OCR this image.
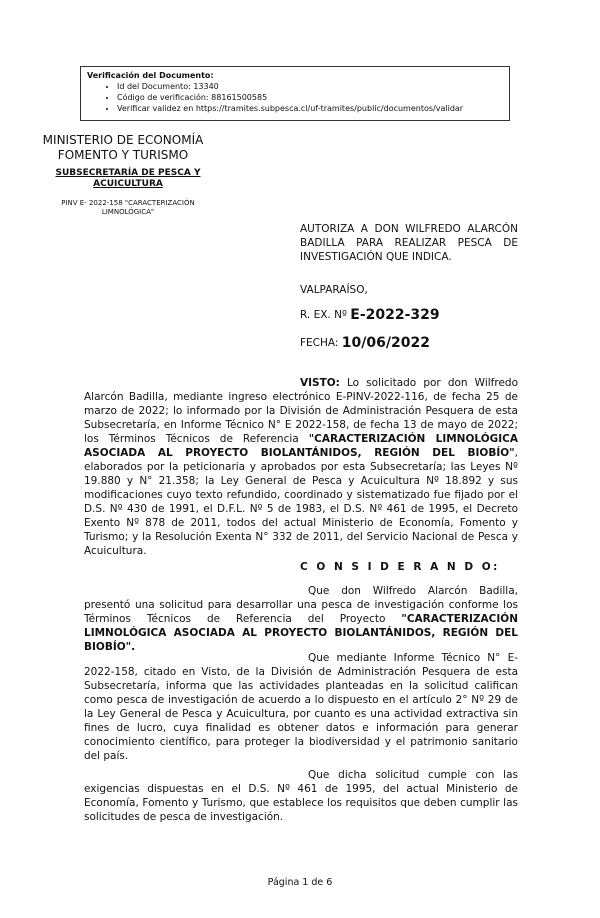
Verificación del Documento:
• Id del Documento: 13340
• Código de verificación: 88161500585
• Verificar validez en https://tramites.subpesca.cl/uf-tramites/public/documentos/validar
MINISTERIO DE ECONOMÍA
FOMENTO Y TURISMO
SUBSECRETARÍA DE PESCA Y
ACUICULTURA
PINV E- 2022-158 "CARACTERIZACIÓN
LIMNOLÓGICA"
AUTORIZA A DON WILFREDO ALARCÓN BADILLA PARA REALIZAR PESCA DE INVESTIGACIÓN QUE INDICA.
VALPARAÍSO,
R. EX. Nº E-2022-329
FECHA: 10/06/2022
VISTO: Lo solicitado por don Wilfredo Alarcón Badilla, mediante ingreso electrónico E-PINV-2022-116, de fecha 25 de marzo de 2022; lo informado por la División de Administración Pesquera de esta Subsecretaría, en Informe Técnico N° E 2022-158, de fecha 13 de mayo de 2022; los Términos Técnicos de Referencia "CARACTERIZACIÓN LIMNOLÓGICA ASOCIADA AL PROYECTO BIOLANTÁNIDOS, REGIÓN DEL BIOBÍO", elaborados por la peticionaria y aprobados por esta Subsecretaría; las Leyes Nº 19.880 y N° 21.358; la Ley General de Pesca y Acuicultura Nº 18.892 y sus modificaciones cuyo texto refundido, coordinado y sistematizado fue fijado por el D.S. Nº 430 de 1991, el D.F.L. Nº 5 de 1983, el D.S. Nº 461 de 1995, el Decreto Exento Nº 878 de 2011, todos del actual Ministerio de Economía, Fomento y Turismo; y la Resolución Exenta N° 332 de 2011, del Servicio Nacional de Pesca y Acuicultura.
C O N S I D E R A N D O:
Que don Wilfredo Alarcón Badilla, presentó una solicitud para desarrollar una pesca de investigación conforme los Términos Técnicos de Referencia del Proyecto "CARACTERIZACIÓN LIMNOLÓGICA ASOCIADA AL PROYECTO BIOLANTÁNIDOS, REGIÓN DEL BIOBÍO".
Que mediante Informe Técnico N° E-2022-158, citado en Visto, de la División de Administración Pesquera de esta Subsecretaría, informa que las actividades planteadas en la solicitud califican como pesca de investigación de acuerdo a lo dispuesto en el artículo 2° Nº 29 de la Ley General de Pesca y Acuicultura, por cuanto es una actividad extractiva sin fines de lucro, cuya finalidad es obtener datos e información para generar conocimiento científico, para proteger la biodiversidad y el patrimonio sanitario del país.
Que dicha solicitud cumple con las exigencias dispuestas en el D.S. Nº 461 de 1995, del actual Ministerio de Economía, Fomento y Turismo, que establece los requisitos que deben cumplir las solicitudes de pesca de investigación.
Página 1 de 6
